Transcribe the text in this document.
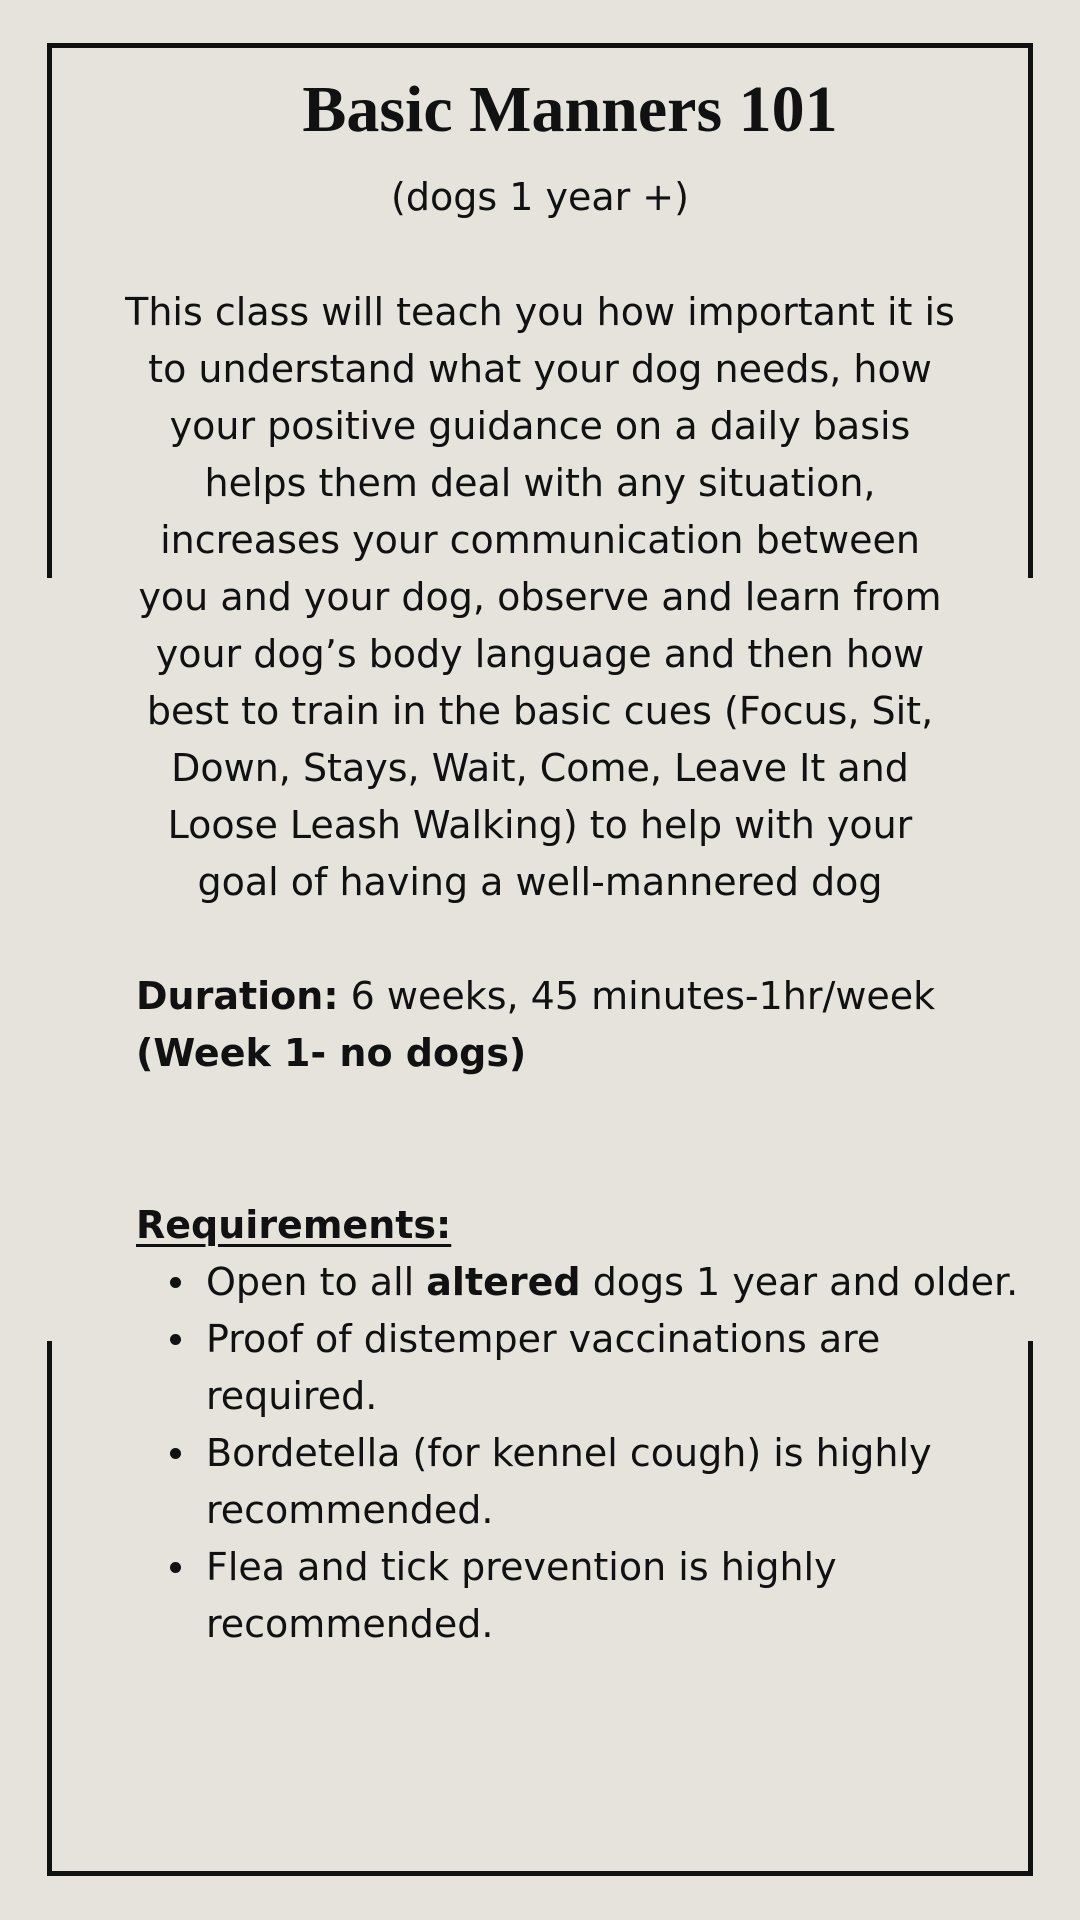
Basic Manners 101
(dogs 1 year +)

This class will teach you how important it is to understand what your dog needs, how your positive guidance on a daily basis helps them deal with any situation, increases your communication between you and your dog, observe and learn from your dog’s body language and then how best to train in the basic cues (Focus, Sit, Down, Stays, Wait, Come, Leave It and Loose Leash Walking) to help with your goal of having a well-mannered dog

Duration: 6 weeks, 45 minutes-1hr/week
(Week 1- no dogs)
Requirements:
Open to all altered dogs 1 year and older.
Proof of distemper vaccinations are required.
Bordetella (for kennel cough) is highly recommended.
Flea and tick prevention is highly recommended.
